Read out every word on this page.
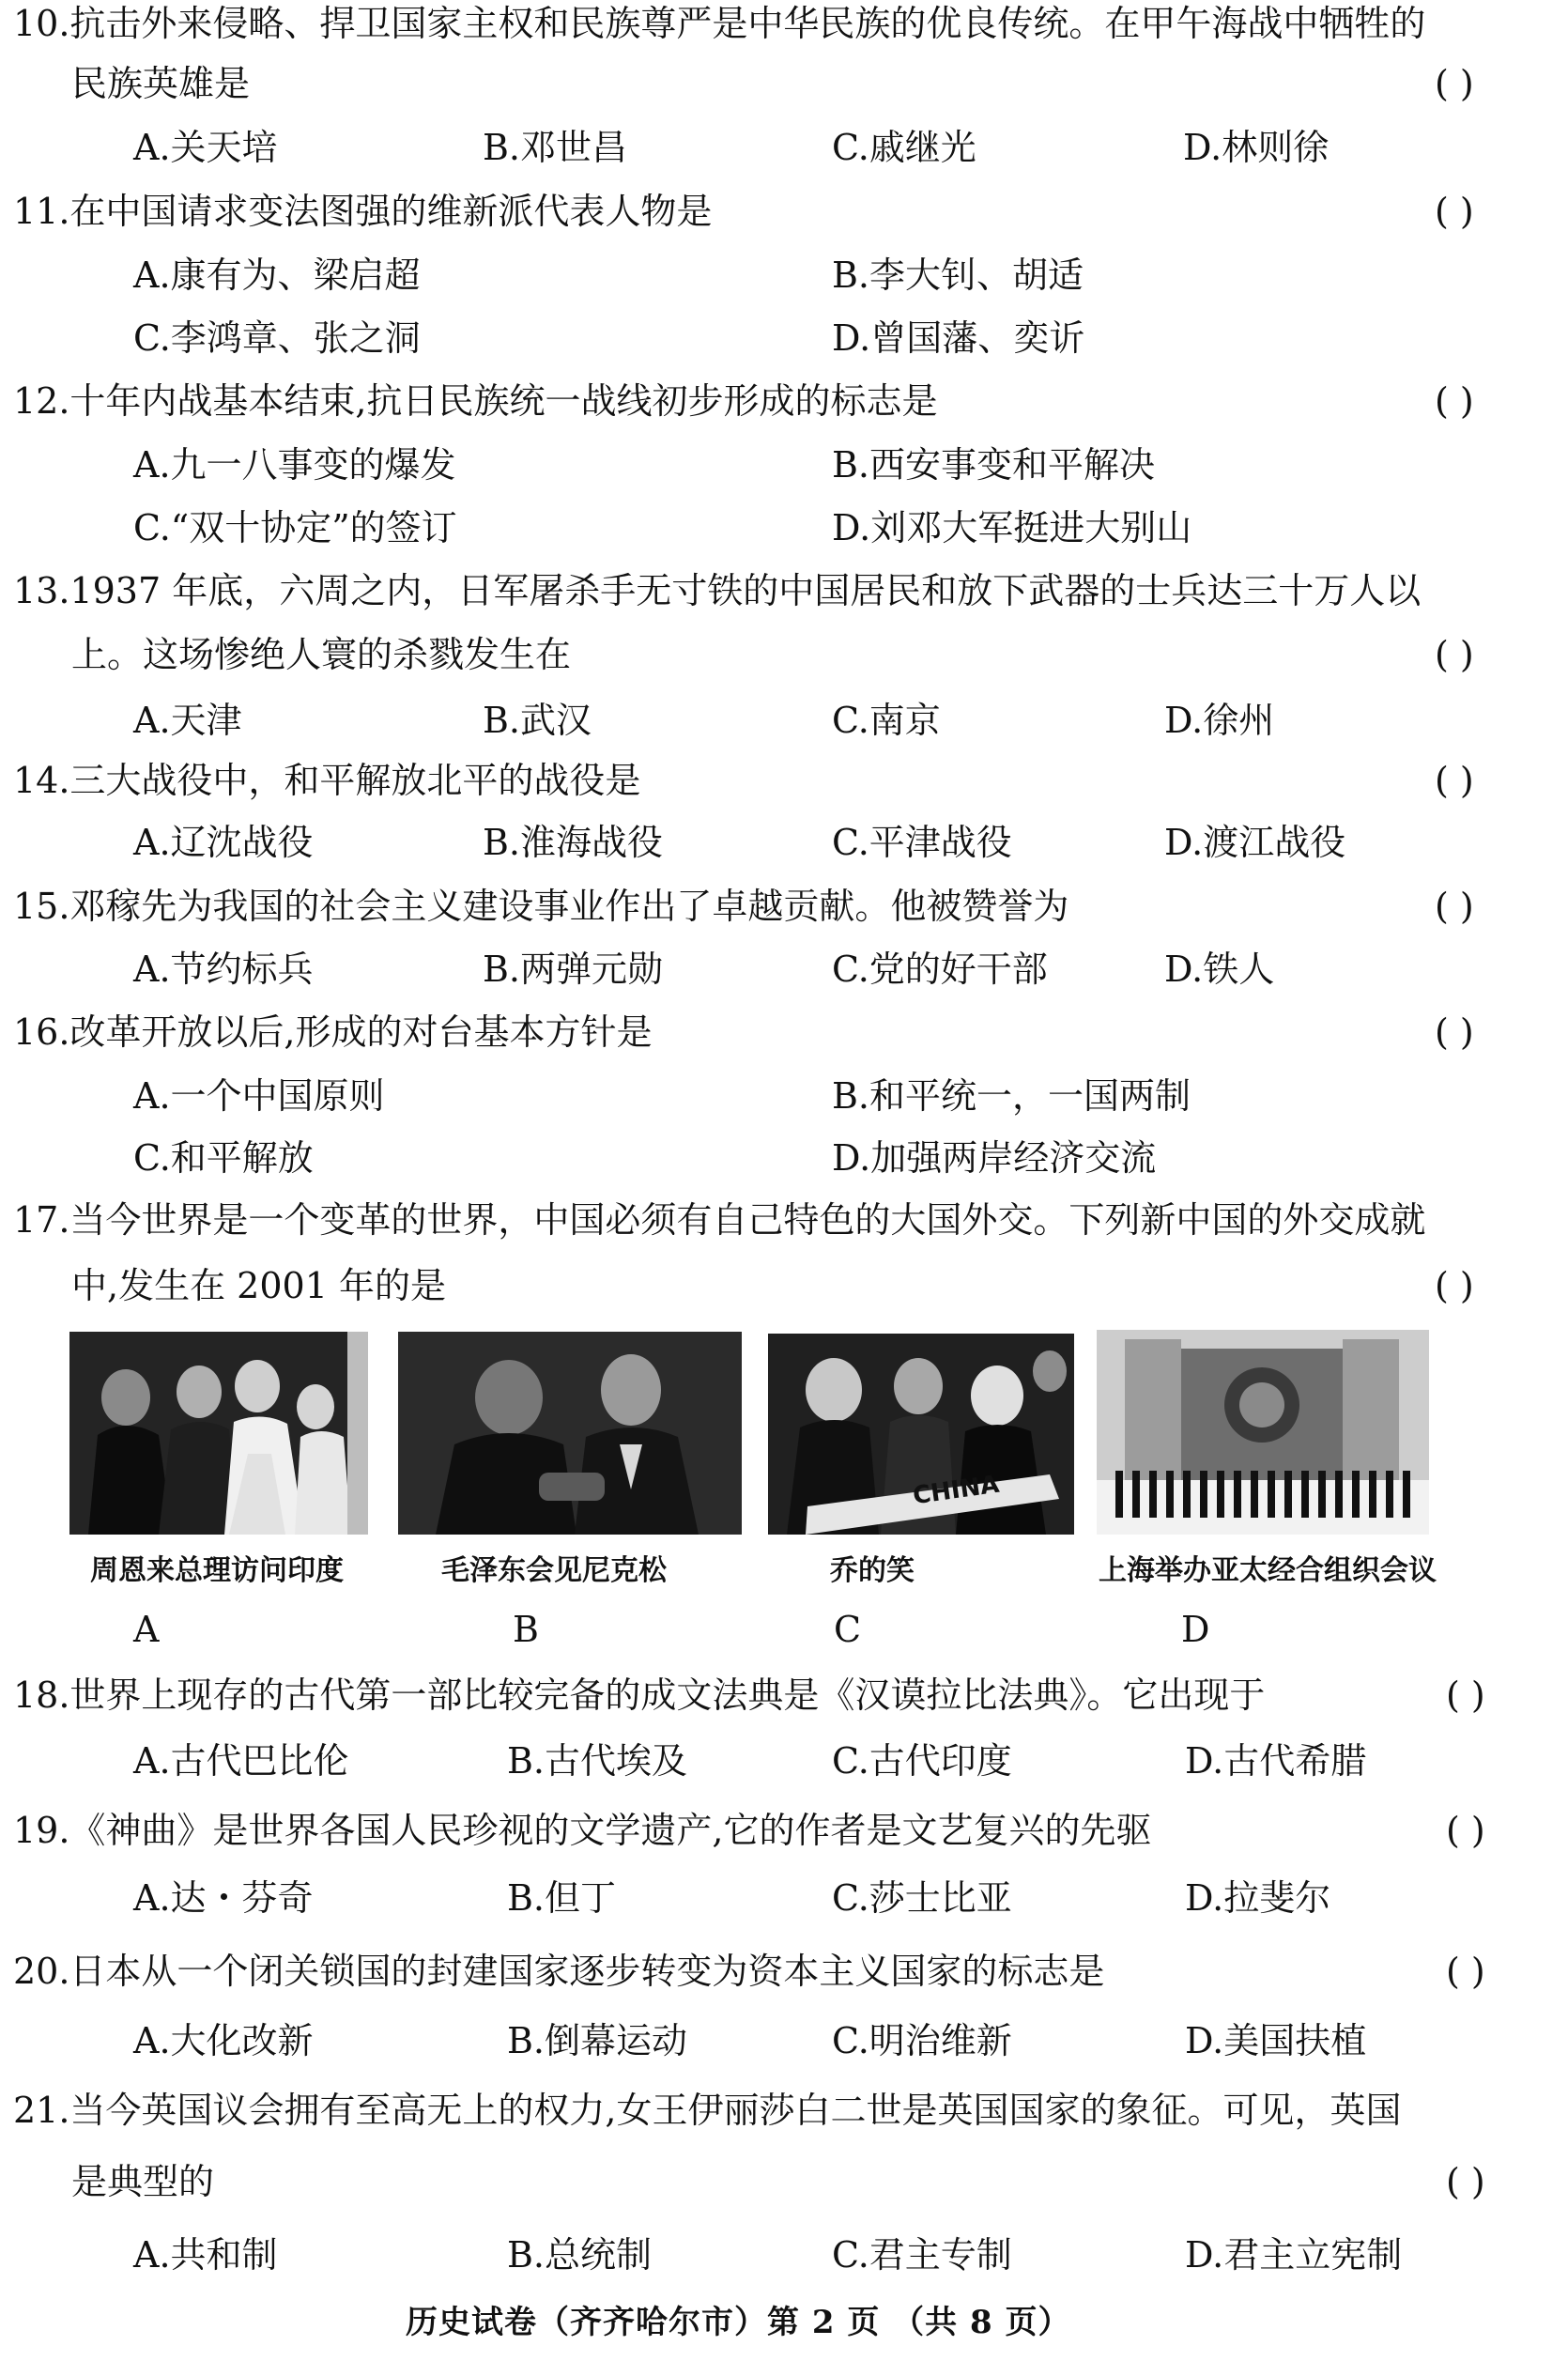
10.抗击外来侵略、捍卫国家主权和民族尊严是中华民族的优良传统。在甲午海战中牺牲的
民族英雄是	( )
A.关天培	B.邓世昌	C.戚继光	D.林则徐
11.在中国请求变法图强的维新派代表人物是	( )
A.康有为、梁启超	B.李大钊、胡适
C.李鸿章、张之洞	D.曾国藩、奕䜣
12.十年内战基本结束,抗日民族统一战线初步形成的标志是	( )
A.九一八事变的爆发	B.西安事变和平解决
C.“双十协定”的签订	D.刘邓大军挺进大别山
13.1937 年底，六周之内，日军屠杀手无寸铁的中国居民和放下武器的士兵达三十万人以
上。这场惨绝人寰的杀戮发生在	( )
A.天津	B.武汉	C.南京	D.徐州
14.三大战役中，和平解放北平的战役是	( )
A.辽沈战役	B.淮海战役	C.平津战役	D.渡江战役
15.邓稼先为我国的社会主义建设事业作出了卓越贡献。他被赞誉为	( )
A.节约标兵	B.两弹元勋	C.党的好干部	D.铁人
16.改革开放以后,形成的对台基本方针是	( )
A.一个中国原则	B.和平统一，一国两制
C.和平解放	D.加强两岸经济交流
17.当今世界是一个变革的世界，中国必须有自己特色的大国外交。下列新中国的外交成就
中,发生在 2001 年的是	( )
CHINA
周恩来总理访问印度	毛泽东会见尼克松	乔的笑	上海举办亚太经合组织会议
A	B	C	D
18.世界上现存的古代第一部比较完备的成文法典是《汉谟拉比法典》。它出现于	( )
A.古代巴比伦	B.古代埃及	C.古代印度	D.古代希腊
19.《神曲》是世界各国人民珍视的文学遗产,它的作者是文艺复兴的先驱	( )
A.达・芬奇	B.但丁	C.莎士比亚	D.拉斐尔
20.日本从一个闭关锁国的封建国家逐步转变为资本主义国家的标志是	( )
A.大化改新	B.倒幕运动	C.明治维新	D.美国扶植
21.当今英国议会拥有至高无上的权力,女王伊丽莎白二世是英国国家的象征。可见，英国
是典型的	( )
A.共和制	B.总统制	C.君主专制	D.君主立宪制
历史试卷（齐齐哈尔市）第 2 页 （共 8 页）
